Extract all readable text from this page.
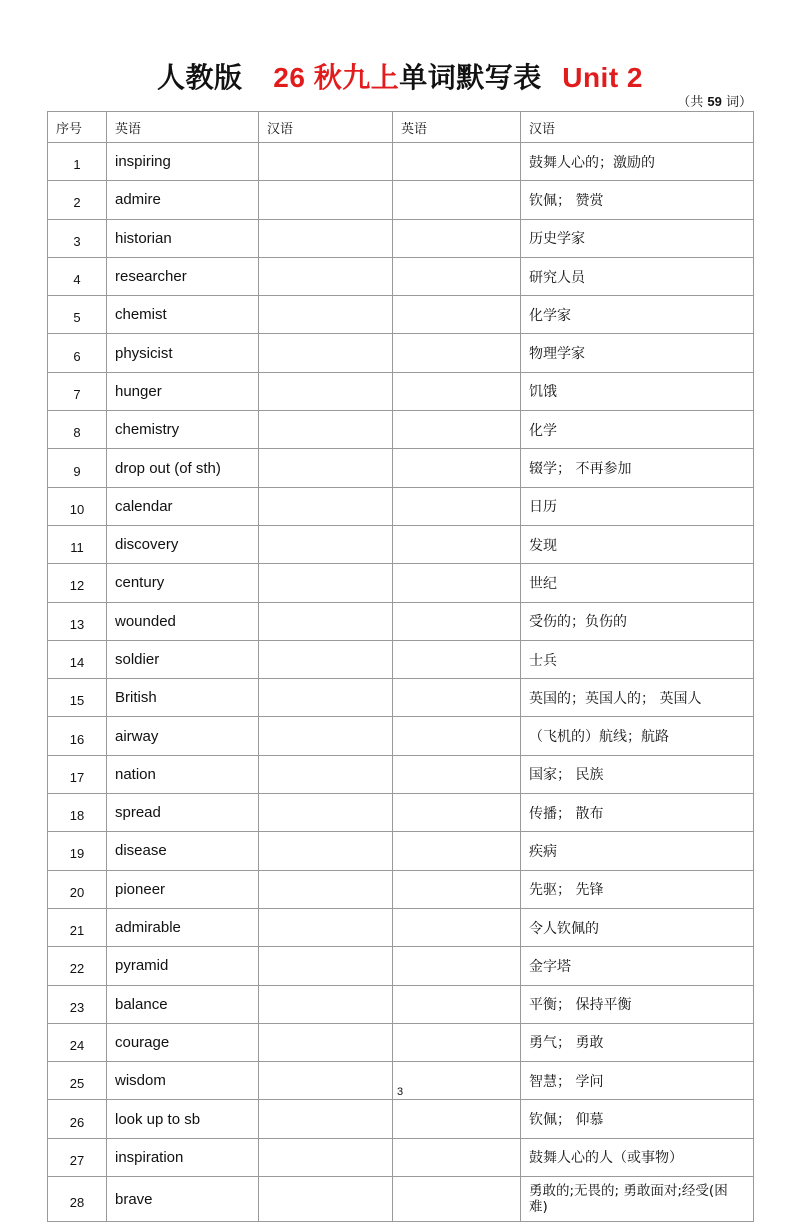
人教版 26 秋九上单词默写表 Unit 2
（共 59 词）
序号	英语	汉语	英语	汉语
1	inspiring			鼓舞人心的；激励的
2	admire			钦佩； 赞赏
3	historian			历史学家
4	researcher			研究人员
5	chemist			化学家
6	physicist			物理学家
7	hunger			饥饿
8	chemistry			化学
9	drop out (of sth)			辍学； 不再参加
10	calendar			日历
11	discovery			发现
12	century			世纪
13	wounded			受伤的；负伤的
14	soldier			士兵
15	British			英国的；英国人的； 英国人
16	airway			（飞机的）航线；航路
17	nation			国家； 民族
18	spread			传播； 散布
19	disease			疾病
20	pioneer			先驱； 先锋
21	admirable			令人钦佩的
22	pyramid			金字塔
23	balance			平衡； 保持平衡
24	courage			勇气； 勇敢
25	wisdom			智慧； 学问
26	look up to sb			钦佩； 仰慕
27	inspiration			鼓舞人心的人（或事物）
28	brave			勇敢的;无畏的; 勇敢面对;经受(困 难)
3
